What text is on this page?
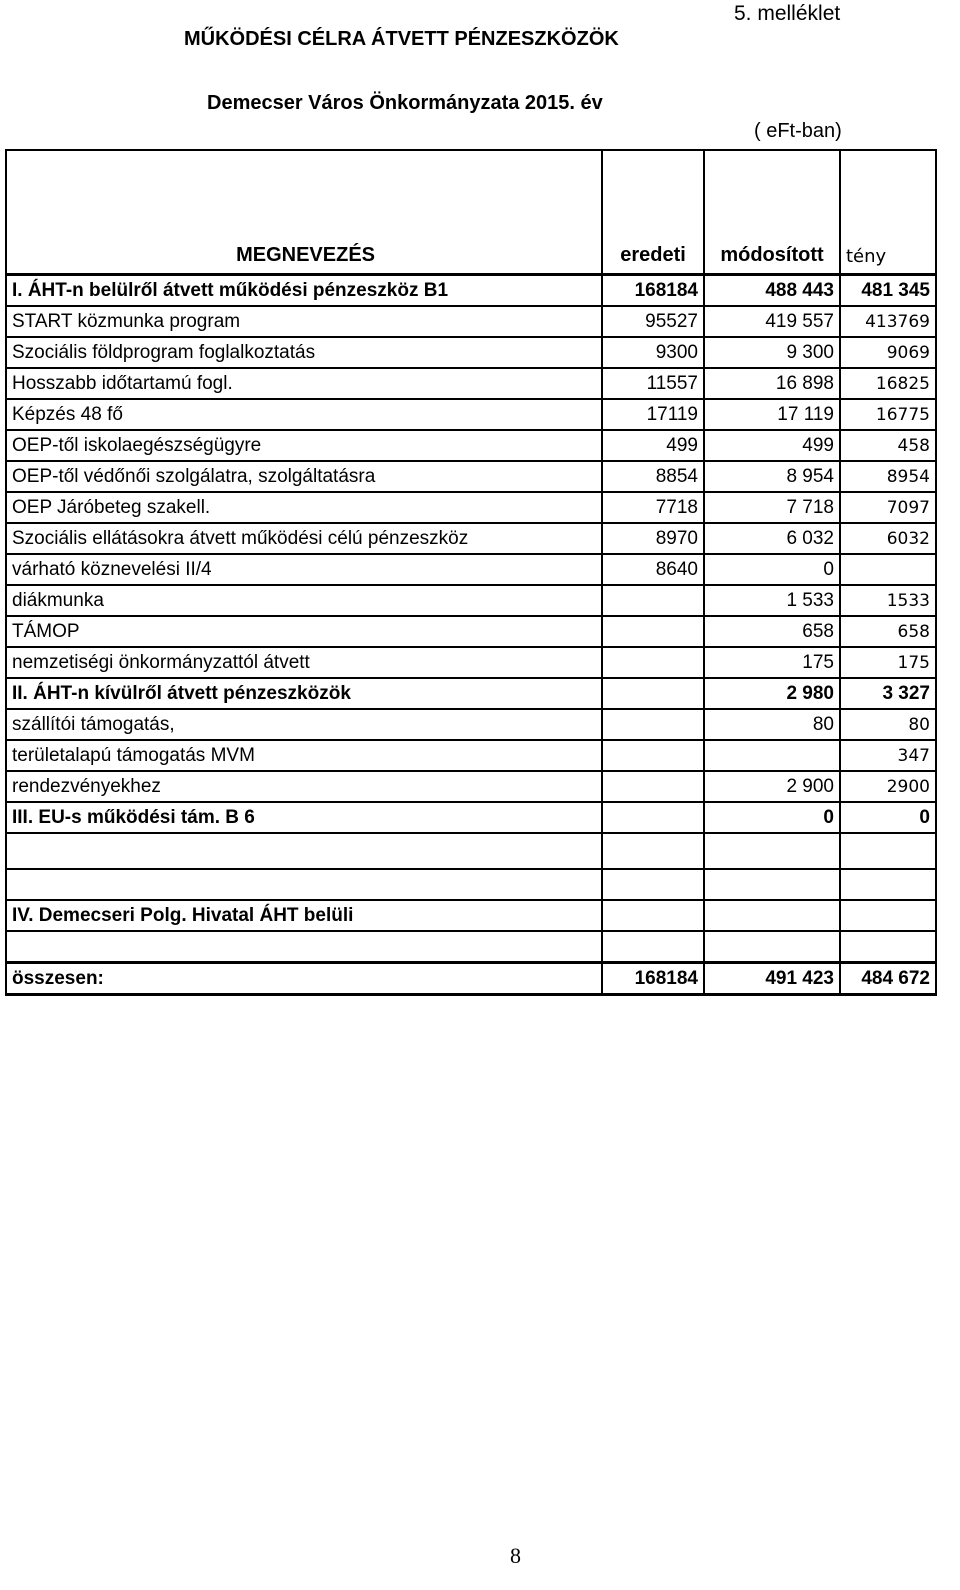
MŰKÖDÉSI CÉLRA ÁTVETT PÉNZESZKÖZÖK
5. melléklet
Demecser Város Önkormányzata 2015. év
( eFt-ban)
MEGNEVEZÉS	eredeti	módosított	tény
I. ÁHT-n belülről átvett működési pénzeszköz B1	168184	488 443	481 345
START közmunka program	95527	419 557	413769
Szociális földprogram foglalkoztatás	9300	9 300	9069
Hosszabb időtartamú fogl.	11557	16 898	16825
Képzés 48 fő	17119	17 119	16775
OEP-től iskolaegészségügyre	499	499	458
OEP-től védőnői szolgálatra, szolgáltatásra	8854	8 954	8954
OEP Járóbeteg szakell.	7718	7 718	7097
Szociális ellátásokra átvett működési célú pénzeszköz	8970	6 032	6032
várható köznevelési II/4	8640	0	
diákmunka		1 533	1533
TÁMOP		658	658
nemzetiségi önkormányzattól átvett		175	175
II. ÁHT-n kívülről átvett pénzeszközök		2 980	3 327
szállítói támogatás,		80	80
területalapú támogatás MVM			347
rendezvényekhez		2 900	2900
III. EU-s működési tám. B 6		0	0

IV. Demecseri Polg. Hivatal ÁHT belüli			

összesen:	168184	491 423	484 672
8
